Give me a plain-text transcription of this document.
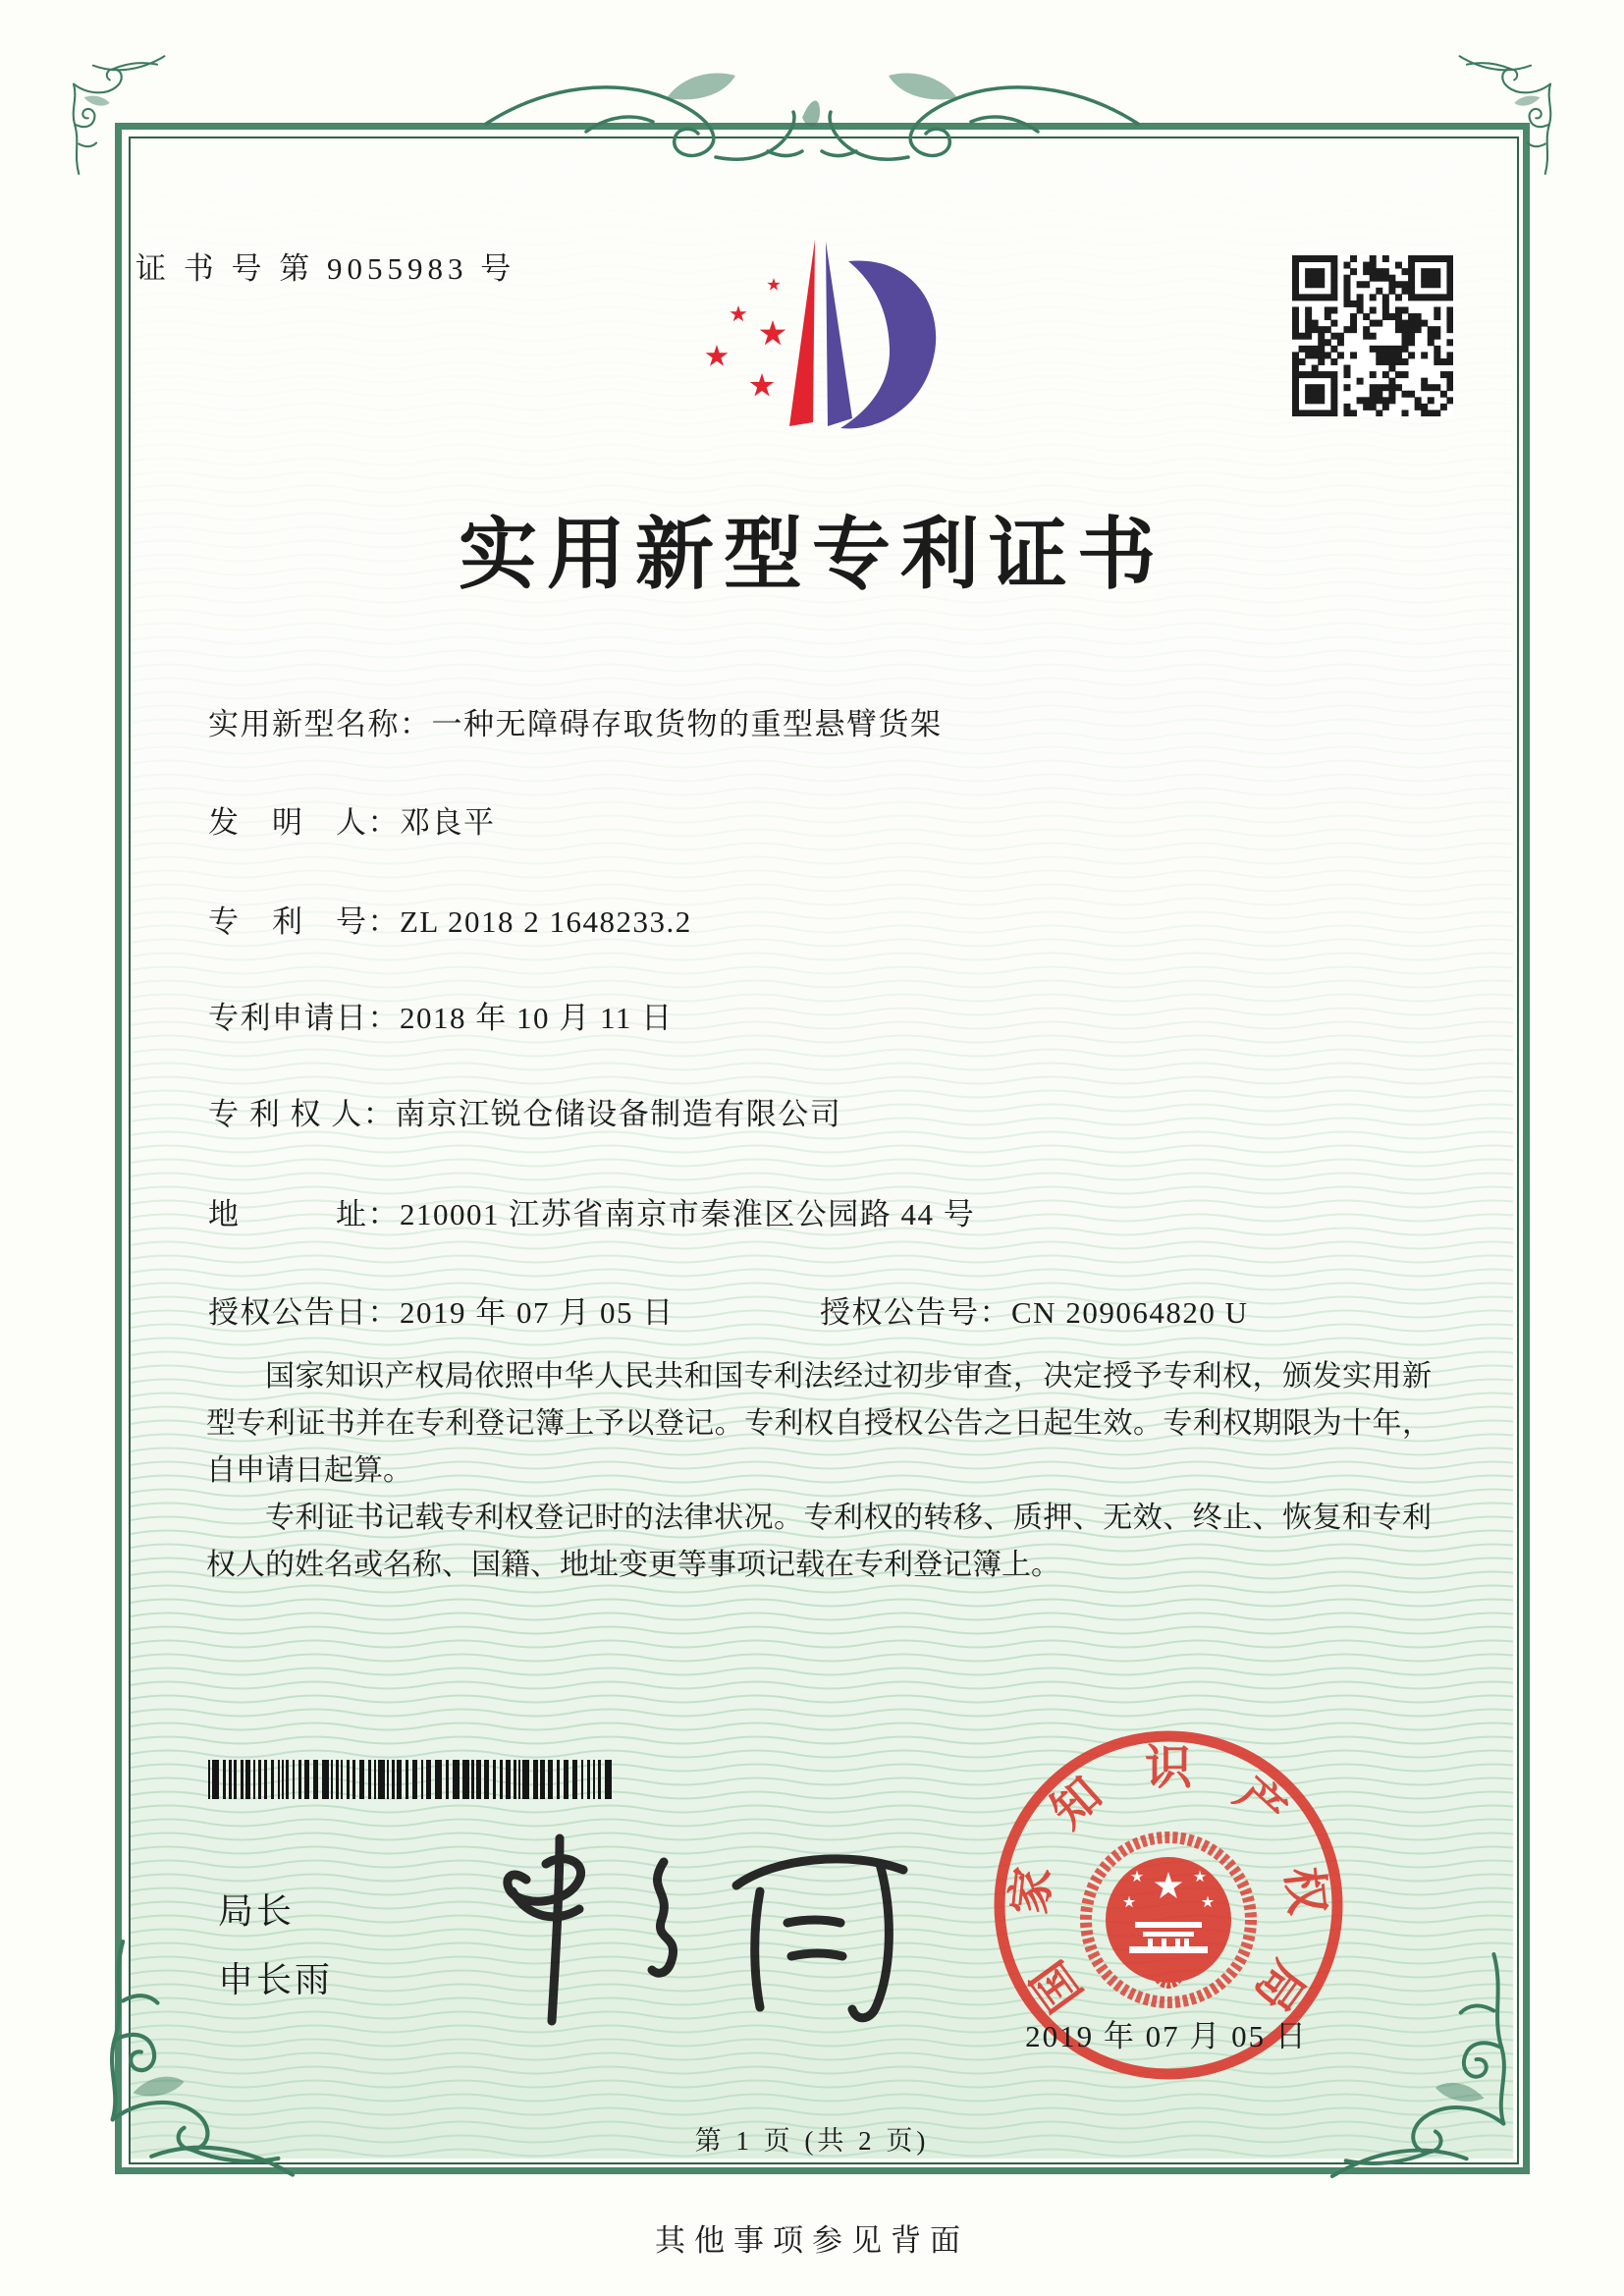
证 书 号 第 9055983 号
实用新型专利证书
实用新型名称：一种无障碍存取货物的重型悬臂货架
发　明　人：邓良平
专　利　号：ZL 2018 2 1648233.2
专利申请日：2018 年 10 月 11 日
专 利 权 人：南京江锐仓储设备制造有限公司
地　　　址：210001 江苏省南京市秦淮区公园路 44 号
授权公告日：2019 年 07 月 05 日	授权公告号：CN 209064820 U

国家知识产权局依照中华人民共和国专利法经过初步审查，决定授予专利权，颁发实用新型专利证书并在专利登记簿上予以登记。专利权自授权公告之日起生效。专利权期限为十年，自申请日起算。

专利证书记载专利权登记时的法律状况。专利权的转移、质押、无效、终止、恢复和专利权人的姓名或名称、国籍、地址变更等事项记载在专利登记簿上。

局长
申长雨	国
家
知
识
产
权
局
2019 年 07 月 05 日
第 1 页 (共 2 页)
其他事项参见背面
